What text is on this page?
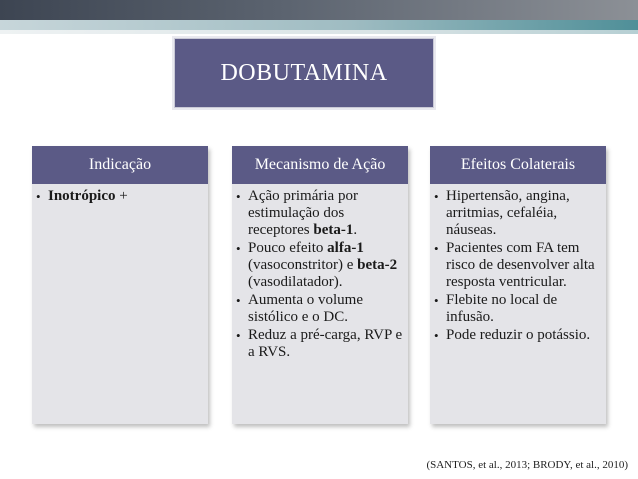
DOBUTAMINA
Indicação
• Inotrópico +
Mecanismo de Ação
• Ação primária por estimulação dos receptores beta-1.
• Pouco efeito alfa-1 (vasoconstritor) e beta-2 (vasodilatador).
• Aumenta o volume sistólico e o DC.
• Reduz a pré-carga, RVP e a RVS.
Efeitos Colaterais
• Hipertensão, angina, arritmias, cefaléia, náuseas.
• Pacientes com FA tem risco de desenvolver alta resposta ventricular.
• Flebite no local de infusão.
• Pode reduzir o potássio.
(SANTOS, et al., 2013; BRODY, et al., 2010)
